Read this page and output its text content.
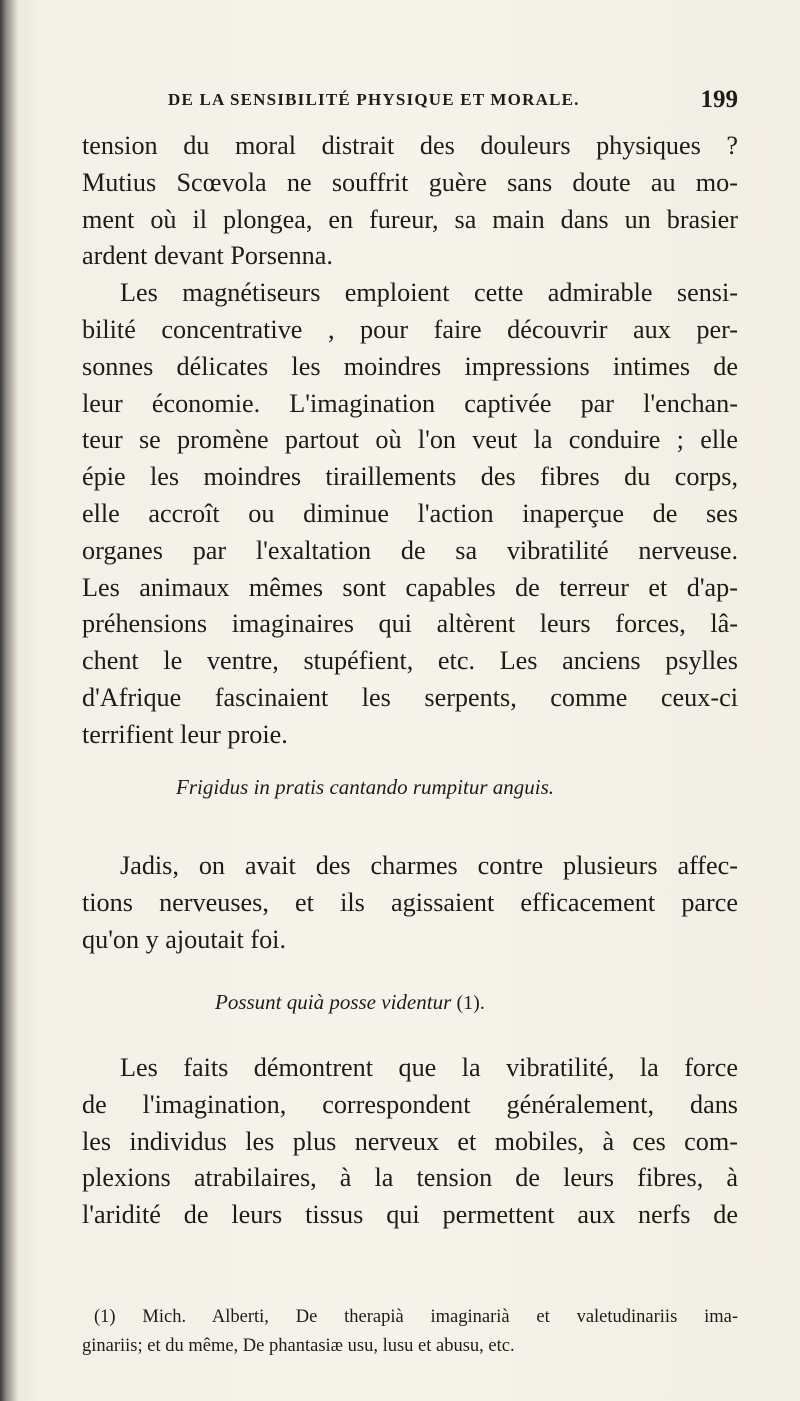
DE LA SENSIBILITÉ PHYSIQUE ET MORALE.	199
tension du moral distrait des douleurs physiques ?
Mutius Scœvola ne souffrit guère sans doute au mo-
ment où il plongea, en fureur, sa main dans un brasier
ardent devant Porsenna.
Les magnétiseurs emploient cette admirable sensi-
bilité concentrative , pour faire découvrir aux per-
sonnes délicates les moindres impressions intimes de
leur économie. L'imagination captivée par l'enchan-
teur se promène partout où l'on veut la conduire ; elle
épie les moindres tiraillements des fibres du corps,
elle accroît ou diminue l'action inaperçue de ses
organes par l'exaltation de sa vibratilité nerveuse.
Les animaux mêmes sont capables de terreur et d'ap-
préhensions imaginaires qui altèrent leurs forces, lâ-
chent le ventre, stupéfient, etc. Les anciens psylles
d'Afrique fascinaient les serpents, comme ceux-ci
terrifient leur proie.
Frigidus in pratis cantando rumpitur anguis.
Jadis, on avait des charmes contre plusieurs affec-
tions nerveuses, et ils agissaient efficacement parce
qu'on y ajoutait foi.
Possunt quià posse videntur (1).
Les faits démontrent que la vibratilité, la force
de l'imagination, correspondent généralement, dans
les individus les plus nerveux et mobiles, à ces com-
plexions atrabilaires, à la tension de leurs fibres, à
l'aridité de leurs tissus qui permettent aux nerfs de
(1) Mich. Alberti, De therapià imaginarià et valetudinariis ima-
ginariis; et du même, De phantasiæ usu, lusu et abusu, etc.
